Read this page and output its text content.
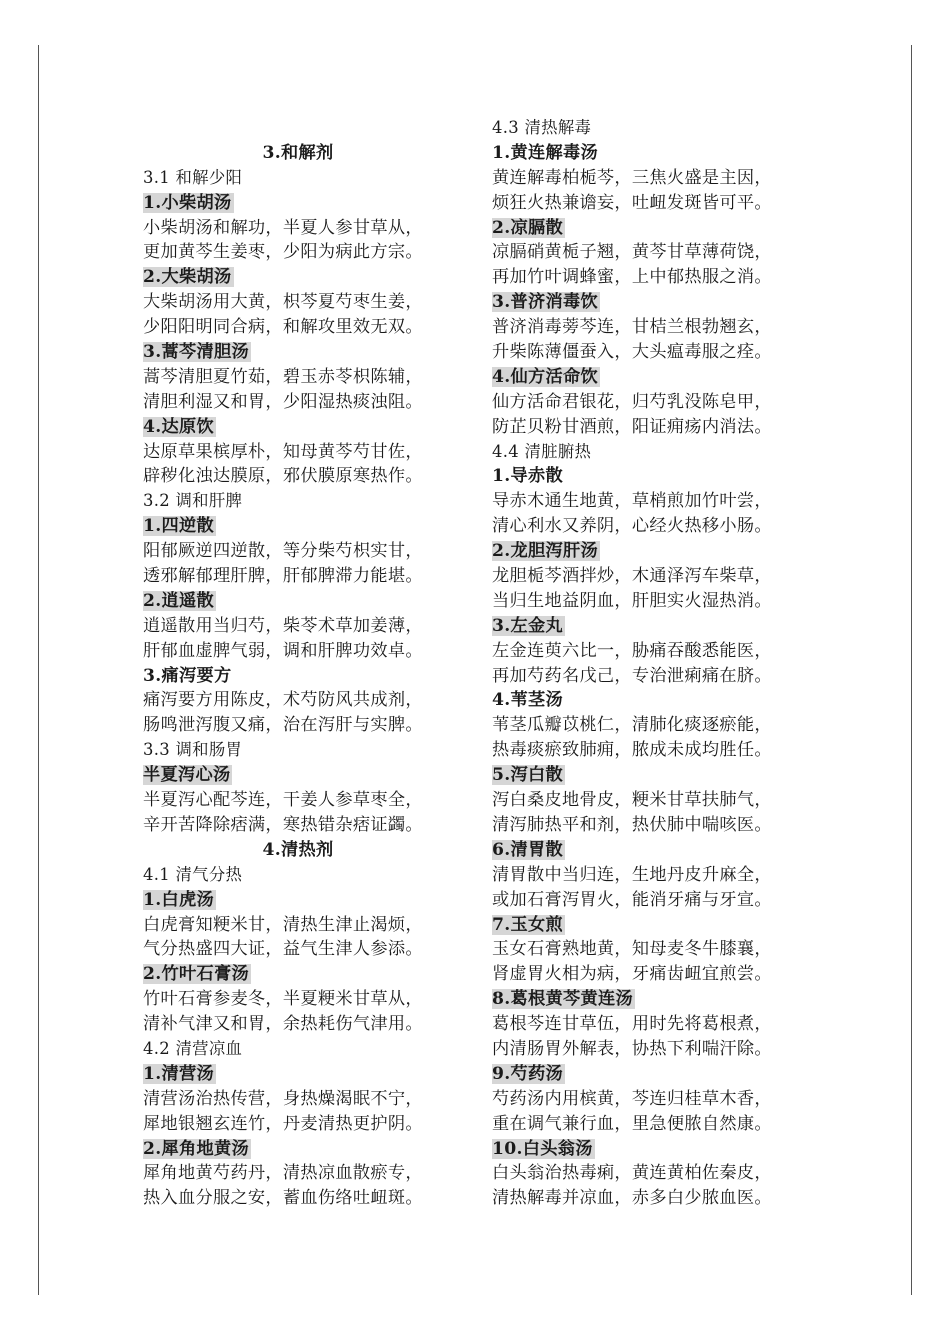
3.和解剂
3.1 和解少阳
1.小柴胡汤
小柴胡汤和解功，半夏人参甘草从，
更加黄芩生姜枣，少阳为病此方宗。
2.大柴胡汤
大柴胡汤用大黄，枳芩夏芍枣生姜，
少阳阳明同合病，和解攻里效无双。
3.蒿芩清胆汤
蒿芩清胆夏竹茹，碧玉赤苓枳陈辅，
清胆利湿又和胃，少阳湿热痰浊阻。
4.达原饮
达原草果槟厚朴，知母黄芩芍甘佐，
辟秽化浊达膜原，邪伏膜原寒热作。
3.2 调和肝脾
1.四逆散
阳郁厥逆四逆散，等分柴芍枳实甘，
透邪解郁理肝脾，肝郁脾滞力能堪。
2.逍遥散
逍遥散用当归芍，柴苓术草加姜薄，
肝郁血虚脾气弱，调和肝脾功效卓。
3.痛泻要方
痛泻要方用陈皮，术芍防风共成剂，
肠鸣泄泻腹又痛，治在泻肝与实脾。
3.3 调和肠胃
半夏泻心汤
半夏泻心配芩连，干姜人参草枣全，
辛开苦降除痞满，寒热错杂痞证蠲。
4.清热剂
4.1 清气分热
1.白虎汤
白虎膏知粳米甘，清热生津止渴烦，
气分热盛四大证，益气生津人参添。
2.竹叶石膏汤
竹叶石膏参麦冬，半夏粳米甘草从，
清补气津又和胃，余热耗伤气津用。
4.2 清营凉血
1.清营汤
清营汤治热传营，身热燥渴眠不宁，
犀地银翘玄连竹，丹麦清热更护阴。
2.犀角地黄汤
犀角地黄芍药丹，清热凉血散瘀专，
热入血分服之安，蓄血伤络吐衄斑。
4.3 清热解毒
1.黄连解毒汤
黄连解毒柏栀芩，三焦火盛是主因，
烦狂火热兼谵妄，吐衄发斑皆可平。
2.凉膈散
凉膈硝黄栀子翘，黄芩甘草薄荷饶，
再加竹叶调蜂蜜，上中郁热服之消。
3.普济消毒饮
普济消毒蒡芩连，甘桔兰根勃翘玄，
升柴陈薄僵蚕入，大头瘟毒服之痊。
4.仙方活命饮
仙方活命君银花，归芍乳没陈皂甲，
防芷贝粉甘酒煎，阳证痈疡内消法。
4.4 清脏腑热
1.导赤散
导赤木通生地黄，草梢煎加竹叶尝，
清心利水又养阴，心经火热移小肠。
2.龙胆泻肝汤
龙胆栀芩酒拌炒，木通泽泻车柴草，
当归生地益阴血，肝胆实火湿热消。
3.左金丸
左金连萸六比一，胁痛吞酸悉能医，
再加芍药名戊己，专治泄痢痛在脐。
4.苇茎汤
苇茎瓜瓣苡桃仁，清肺化痰逐瘀能，
热毒痰瘀致肺痈，脓成未成均胜任。
5.泻白散
泻白桑皮地骨皮，粳米甘草扶肺气，
清泻肺热平和剂，热伏肺中喘咳医。
6.清胃散
清胃散中当归连，生地丹皮升麻全，
或加石膏泻胃火，能消牙痛与牙宣。
7.玉女煎
玉女石膏熟地黄，知母麦冬牛膝襄，
肾虚胃火相为病，牙痛齿衄宜煎尝。
8.葛根黄芩黄连汤
葛根芩连甘草伍，用时先将葛根煮，
内清肠胃外解表，协热下利喘汗除。
9.芍药汤
芍药汤内用槟黄，芩连归桂草木香，
重在调气兼行血，里急便脓自然康。
10.白头翁汤
白头翁治热毒痢，黄连黄柏佐秦皮，
清热解毒并凉血，赤多白少脓血医。
